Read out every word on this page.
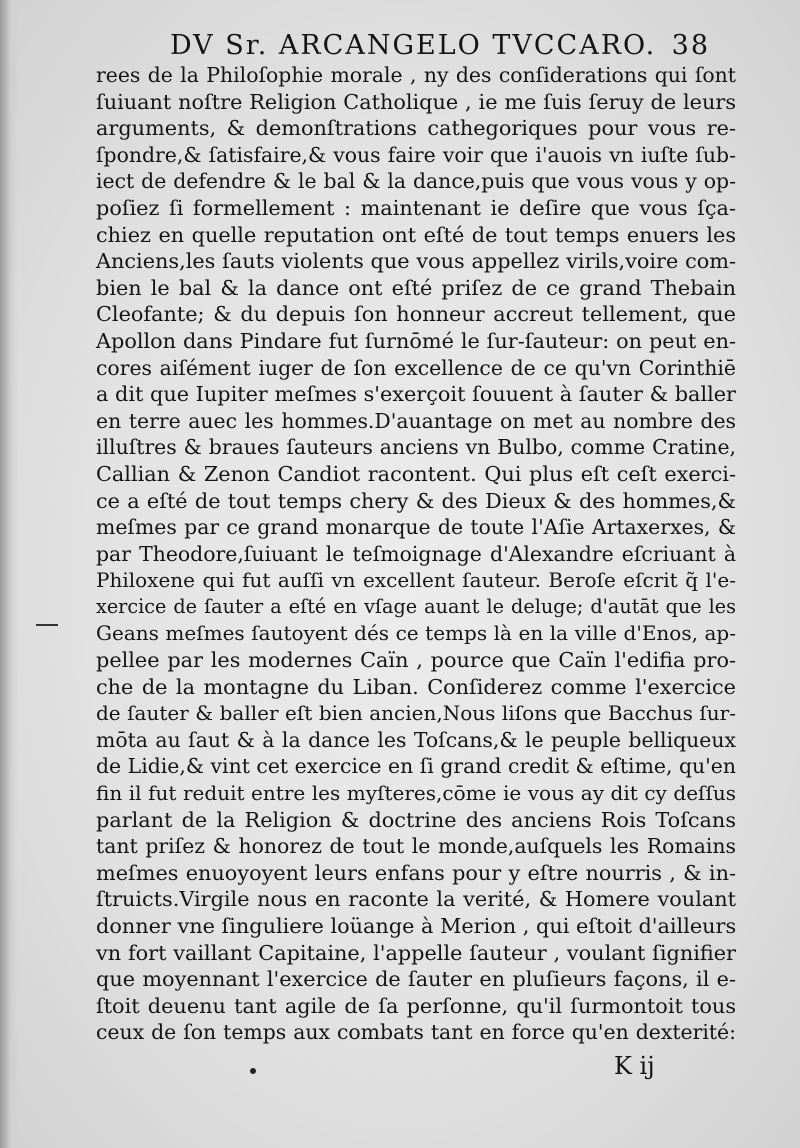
DV Sr. ARCANGELO TVCCARO. 38
rees de la Philoſophie morale , ny des conſiderations qui ſont
ſuiuant noſtre Religion Catholique , ie me ſuis ſeruy de leurs
arguments, & demonſtrations cathegoriques pour vous re-
ſpondre,& ſatisfaire,& vous faire voir que i'auois vn iuſte ſub-
iect de defendre & le bal & la dance,puis que vous vous y op-
poſiez ſi formellement : maintenant ie deſire que vous ſça-
chiez en quelle reputation ont eſté de tout temps enuers les
Anciens,les ſauts violents que vous appellez virils,voire com-
bien le bal & la dance ont eſté priſez de ce grand Thebain
Cleofante; & du depuis ſon honneur accreut tellement, que
Apollon dans Pindare fut ſurnōmé le ſur-ſauteur: on peut en-
cores aiſément iuger de ſon excellence de ce qu'vn Corinthiē
a dit que Iupiter meſmes s'exerçoit ſouuent à ſauter & baller
en terre auec les hommes.D'auantage on met au nombre des
illuſtres & braues ſauteurs anciens vn Bulbo, comme Cratine,
Callian & Zenon Candiot racontent. Qui plus eſt ceſt exerci-
ce a eſté de tout temps chery & des Dieux & des hommes,&
meſmes par ce grand monarque de toute l'Aſie Artaxerxes, &
par Theodore,ſuiuant le teſmoignage d'Alexandre eſcriuant à
Philoxene qui fut auſſi vn excellent ſauteur. Beroſe eſcrit q̃ l'e-
xercice de ſauter a eſté en vſage auant le deluge; d'autāt que les
Geans meſmes ſautoyent dés ce temps là en la ville d'Enos, ap-
pellee par les modernes Caïn , pource que Caïn l'edifia pro-
che de la montagne du Liban. Conſiderez comme l'exercice
de ſauter & baller eſt bien ancien,Nous liſons que Bacchus ſur-
mōta au ſaut & à la dance les Toſcans,& le peuple belliqueux
de Lidie,& vint cet exercice en ſi grand credit & eſtime, qu'en
fin il fut reduit entre les myſteres,cōme ie vous ay dit cy deſſus
parlant de la Religion & doctrine des anciens Rois Toſcans
tant priſez & honorez de tout le monde,auſquels les Romains
meſmes enuoyoyent leurs enfans pour y eſtre nourris , & in-
ſtruicts.Virgile nous en raconte la verité, & Homere voulant
donner vne ſinguliere loüange à Merion , qui eſtoit d'ailleurs
vn fort vaillant Capitaine, l'appelle ſauteur , voulant ſignifier
que moyennant l'exercice de ſauter en pluſieurs façons, il e-
ſtoit deuenu tant agile de ſa perſonne, qu'il ſurmontoit tous
ceux de ſon temps aux combats tant en force qu'en dexterité:
K ij
